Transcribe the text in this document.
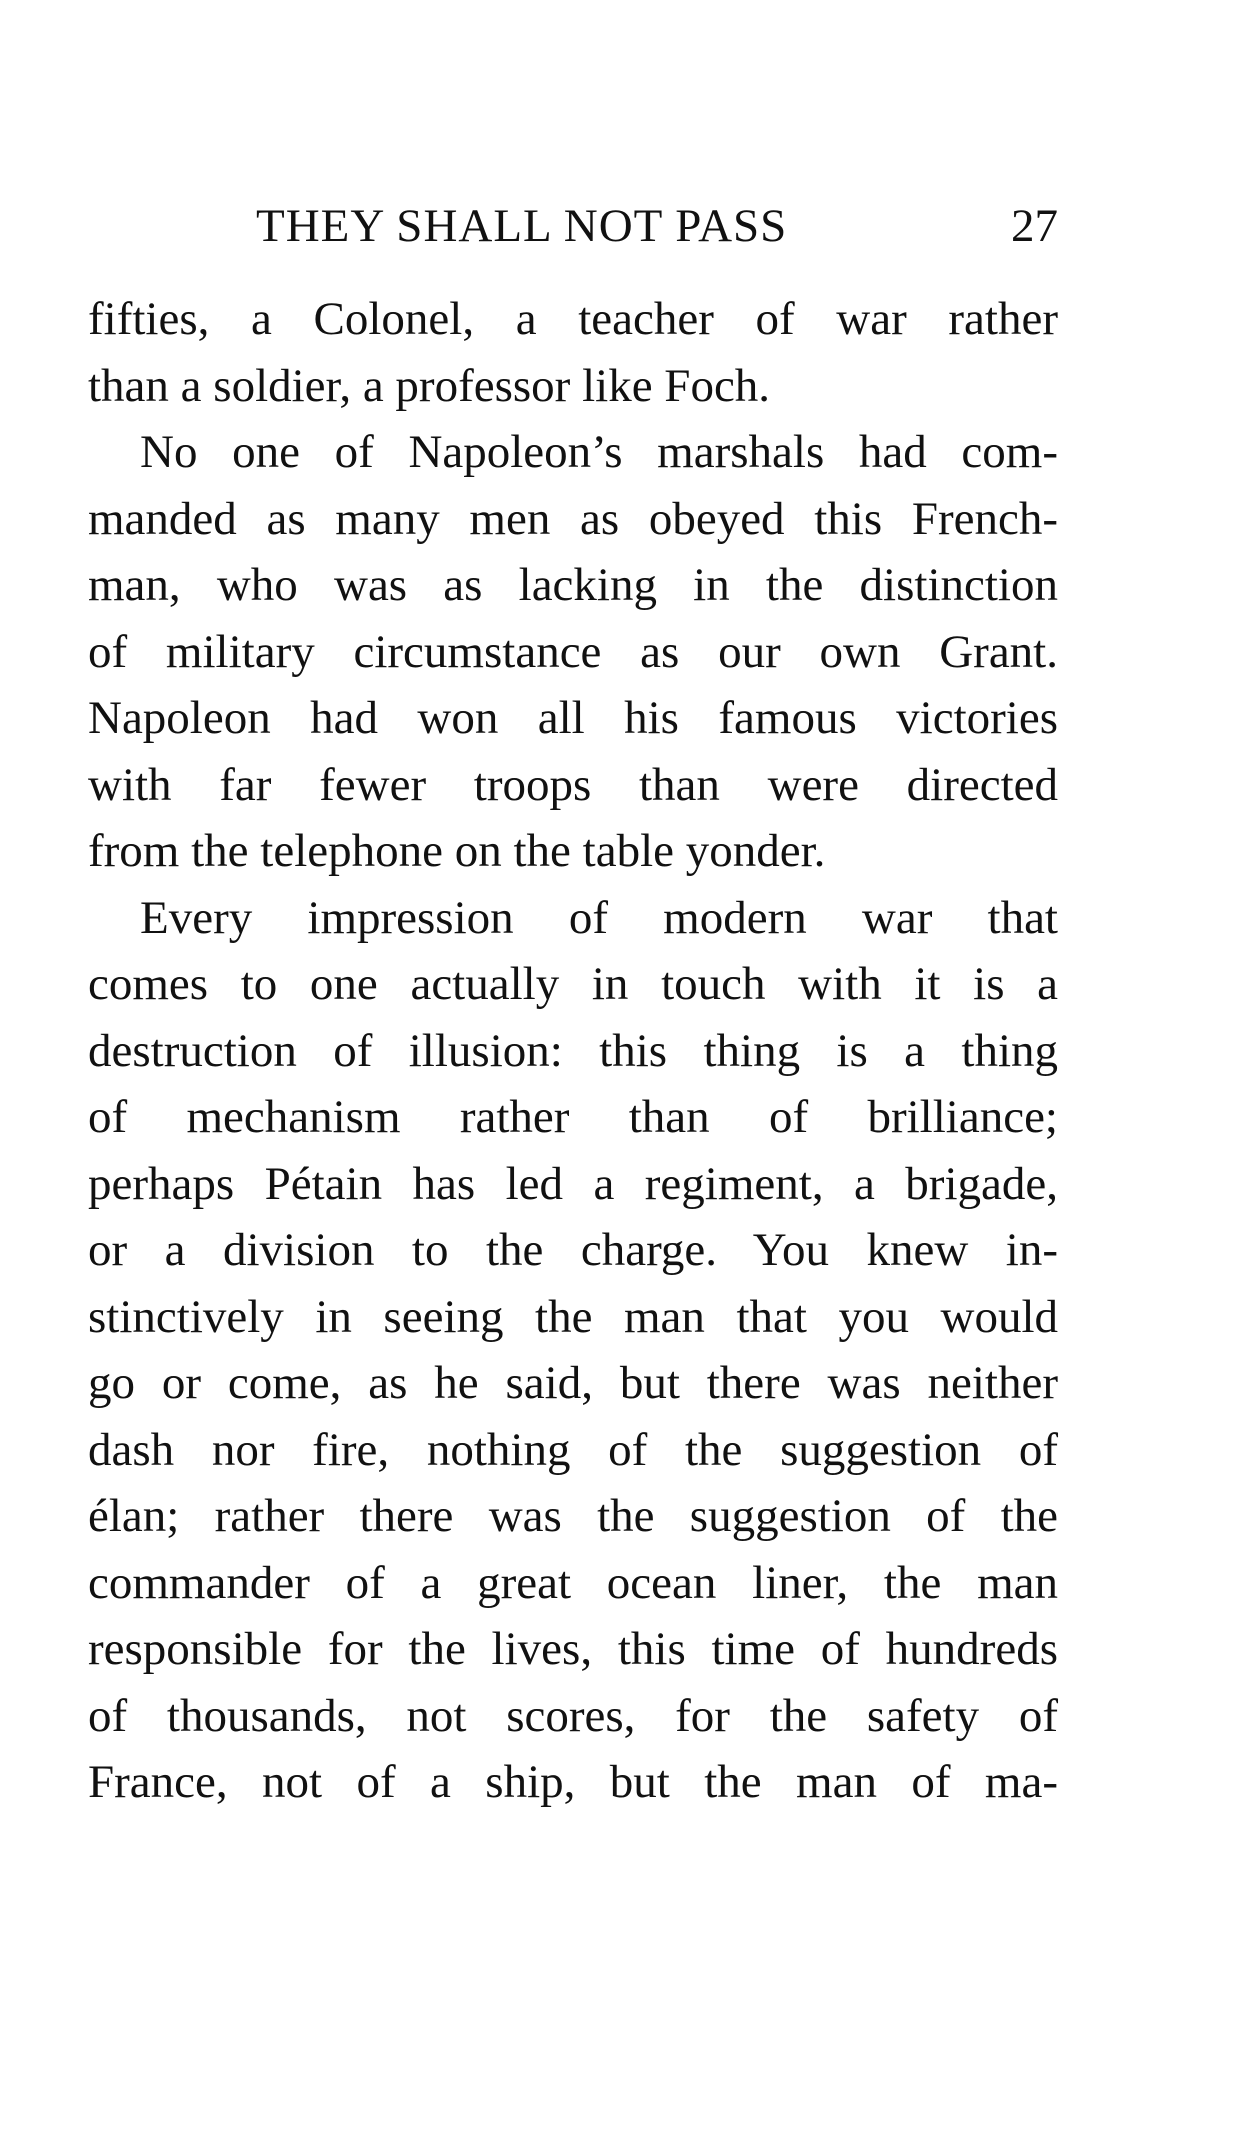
THEY SHALL NOT PASS	27
fifties, a Colonel, a teacher of war rather
than a soldier, a professor like Foch.
No one of Napoleon’s marshals had com-
manded as many men as obeyed this French-
man, who was as lacking in the distinction
of military circumstance as our own Grant.
Napoleon had won all his famous victories
with far fewer troops than were directed
from the telephone on the table yonder.
Every impression of modern war that
comes to one actually in touch with it is a
destruction of illusion: this thing is a thing
of mechanism rather than of brilliance;
perhaps Pétain has led a regiment, a brigade,
or a division to the charge. You knew in-
stinctively in seeing the man that you would
go or come, as he said, but there was neither
dash nor fire, nothing of the suggestion of
élan; rather there was the suggestion of the
commander of a great ocean liner, the man
responsible for the lives, this time of hundreds
of thousands, not scores, for the safety of
France, not of a ship, but the man of ma-
